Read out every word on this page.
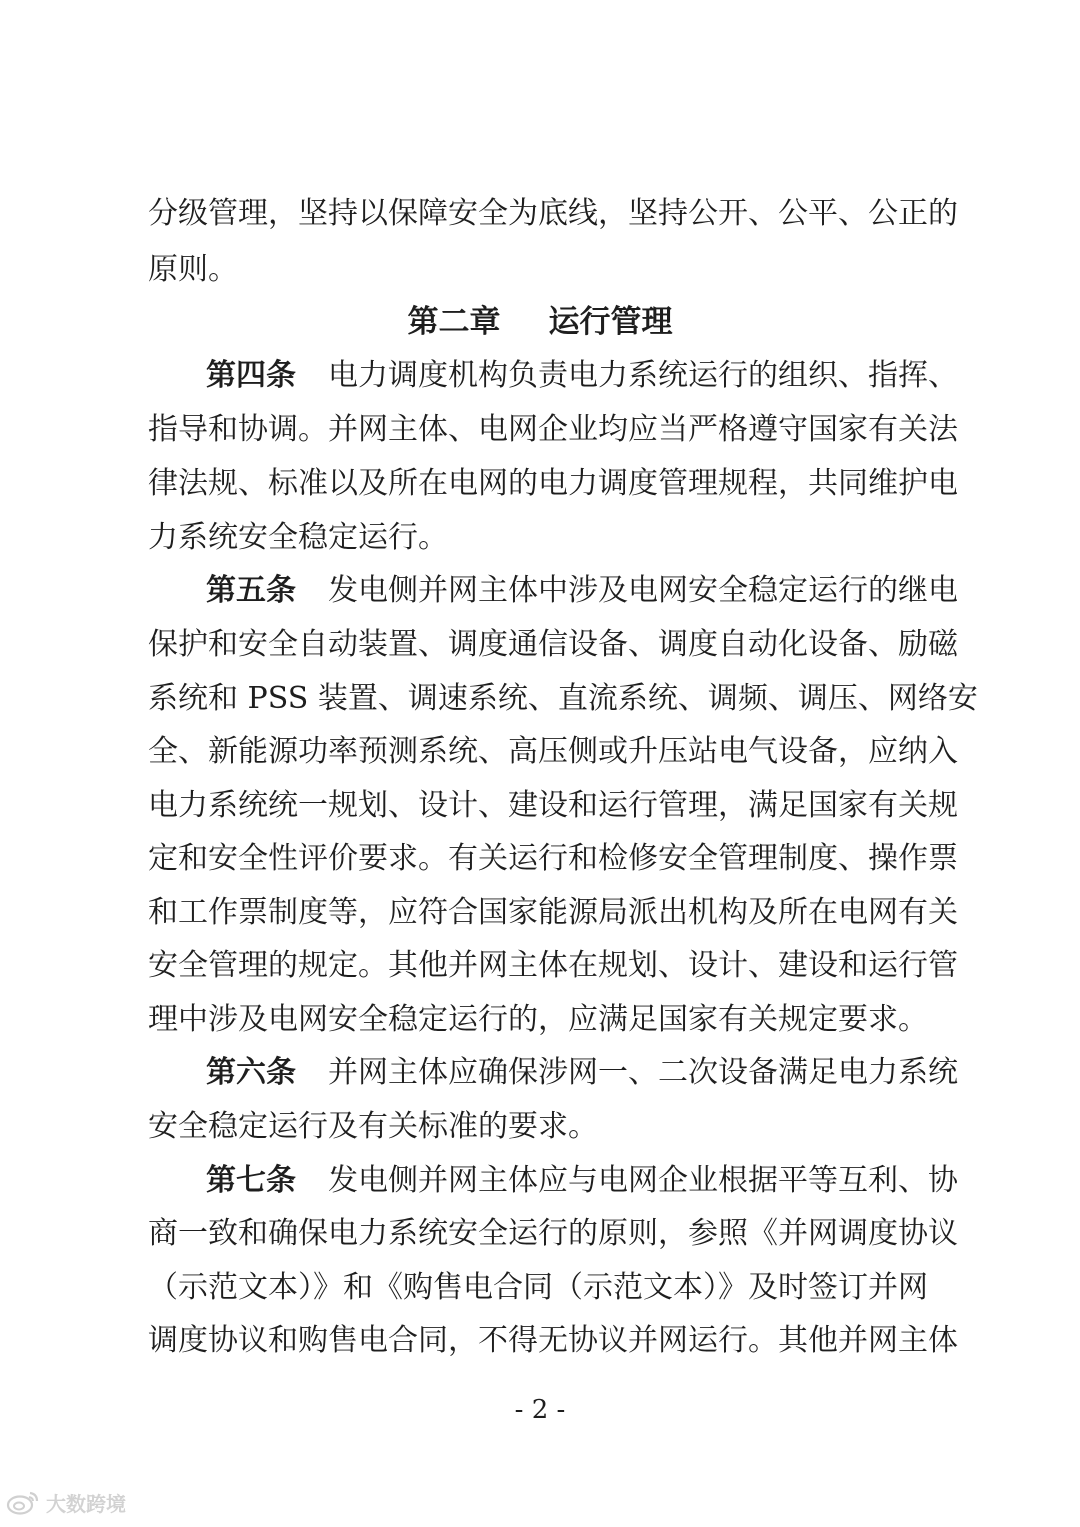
分级管理，坚持以保障安全为底线，坚持公开、公平、公正的
原则。
第二章 运行管理
第四条 电力调度机构负责电力系统运行的组织、指挥、
指导和协调。并网主体、电网企业均应当严格遵守国家有关法
律法规、标准以及所在电网的电力调度管理规程，共同维护电
力系统安全稳定运行。
第五条 发电侧并网主体中涉及电网安全稳定运行的继电
保护和安全自动装置、调度通信设备、调度自动化设备、励磁
系统和 PSS 装置、调速系统、直流系统、调频、调压、网络安
全、新能源功率预测系统、高压侧或升压站电气设备，应纳入
电力系统统一规划、设计、建设和运行管理，满足国家有关规
定和安全性评价要求。有关运行和检修安全管理制度、操作票
和工作票制度等，应符合国家能源局派出机构及所在电网有关
安全管理的规定。其他并网主体在规划、设计、建设和运行管
理中涉及电网安全稳定运行的，应满足国家有关规定要求。
第六条 并网主体应确保涉网一、二次设备满足电力系统
安全稳定运行及有关标准的要求。
第七条 发电侧并网主体应与电网企业根据平等互利、协
商一致和确保电力系统安全运行的原则，参照《并网调度协议
（示范文本）》和《购售电合同（示范文本）》及时签订并网
调度协议和购售电合同，不得无协议并网运行。其他并网主体
- 2 -
大数跨境
